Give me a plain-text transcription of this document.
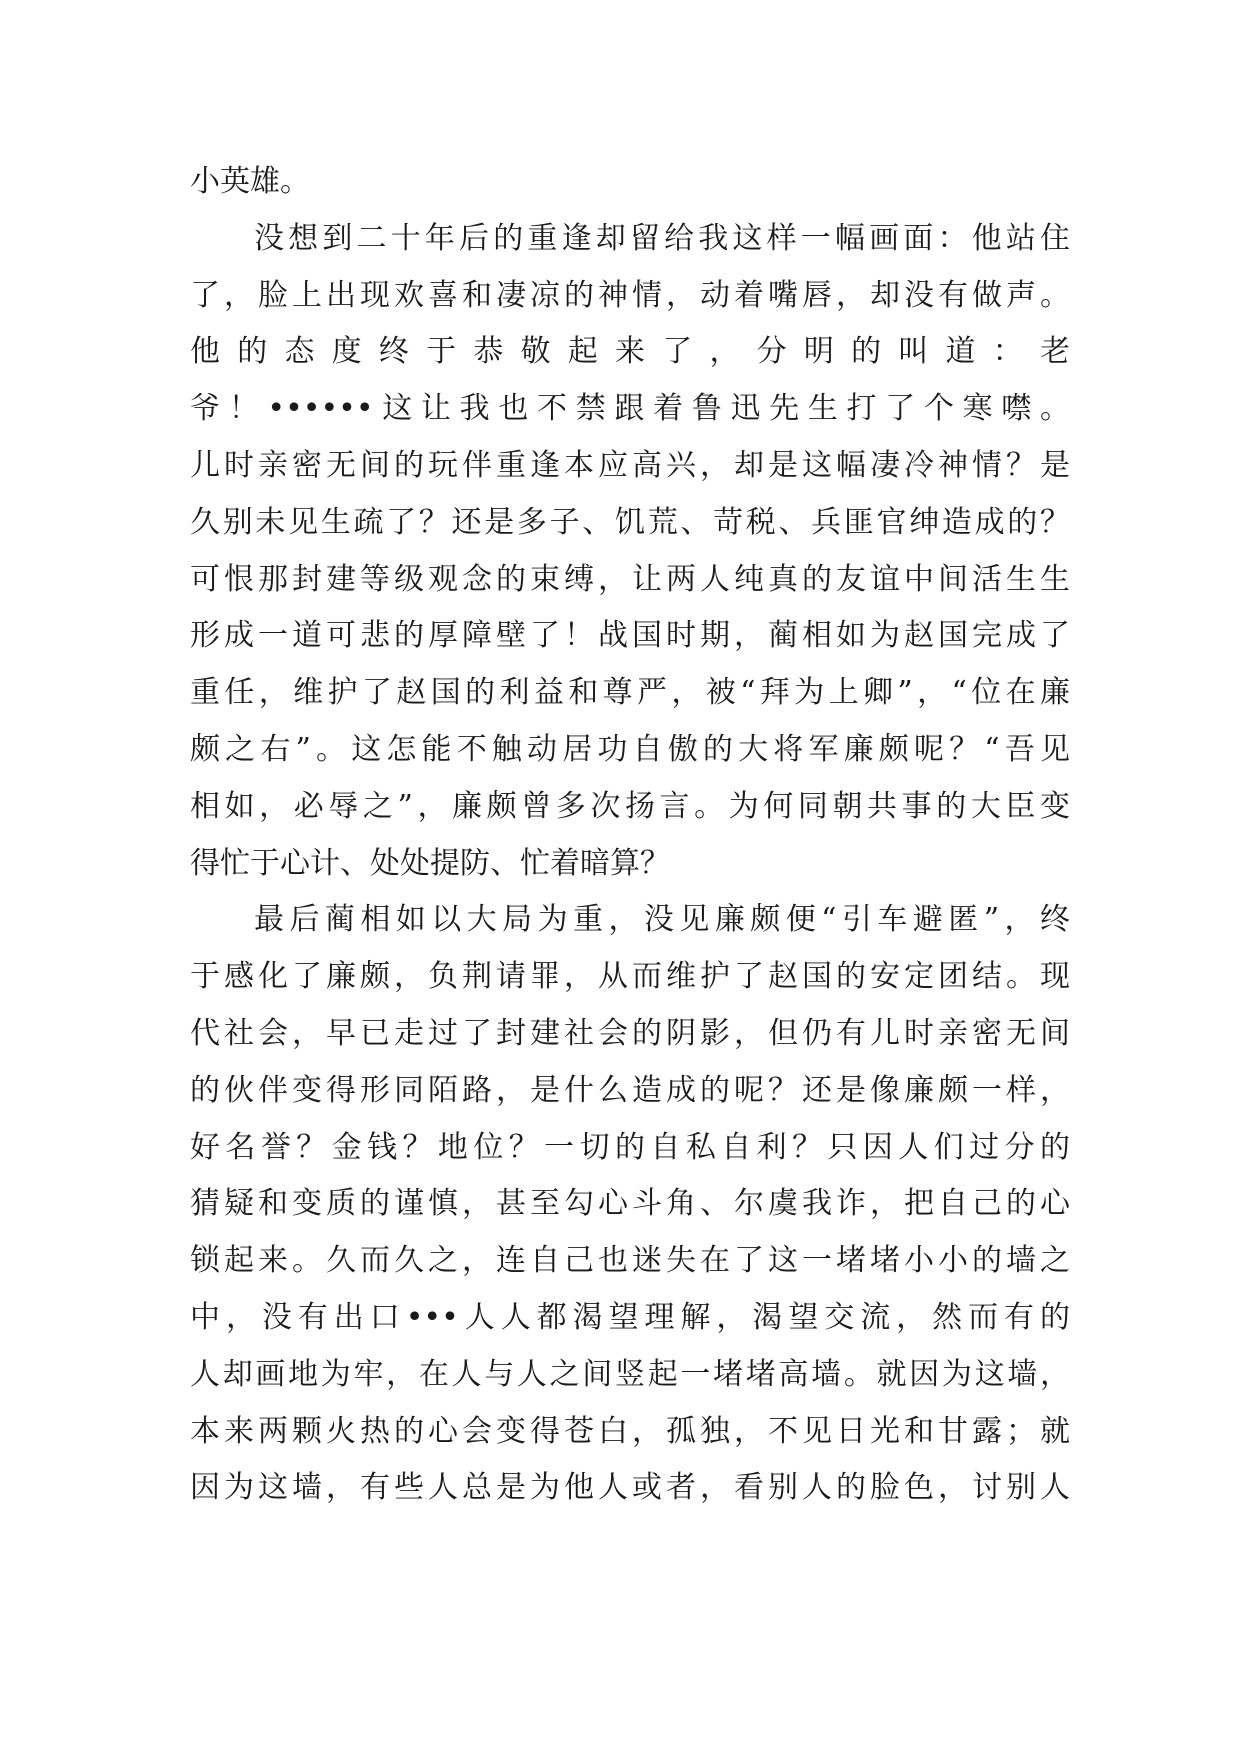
小英雄。
没想到二十年后的重逢却留给我这样一幅画面：他站住
了，脸上出现欢喜和凄凉的神情，动着嘴唇，却没有做声。
他的态度终于恭敬起来了，分明的叫道：老
爷！••••••这让我也不禁跟着鲁迅先生打了个寒噤。
儿时亲密无间的玩伴重逢本应高兴，却是这幅凄冷神情？是
久别未见生疏了？还是多子、饥荒、苛税、兵匪官绅造成的？
可恨那封建等级观念的束缚，让两人纯真的友谊中间活生生
形成一道可悲的厚障壁了！战国时期，蔺相如为赵国完成了
重任，维护了赵国的利益和尊严，被“拜为上卿”，“位在廉
颇之右”。这怎能不触动居功自傲的大将军廉颇呢？“吾见
相如，必辱之”，廉颇曾多次扬言。为何同朝共事的大臣变
得忙于心计、处处提防、忙着暗算？
最后蔺相如以大局为重，没见廉颇便“引车避匿”，终
于感化了廉颇，负荆请罪，从而维护了赵国的安定团结。现
代社会，早已走过了封建社会的阴影，但仍有儿时亲密无间
的伙伴变得形同陌路，是什么造成的呢？还是像廉颇一样，
好名誉？金钱？地位？一切的自私自利？只因人们过分的
猜疑和变质的谨慎，甚至勾心斗角、尔虞我诈，把自己的心
锁起来。久而久之，连自己也迷失在了这一堵堵小小的墙之
中，没有出口•••人人都渴望理解，渴望交流，然而有的
人却画地为牢，在人与人之间竖起一堵堵高墙。就因为这墙，
本来两颗火热的心会变得苍白，孤独，不见日光和甘露；就
因为这墙，有些人总是为他人或者，看别人的脸色，讨别人
